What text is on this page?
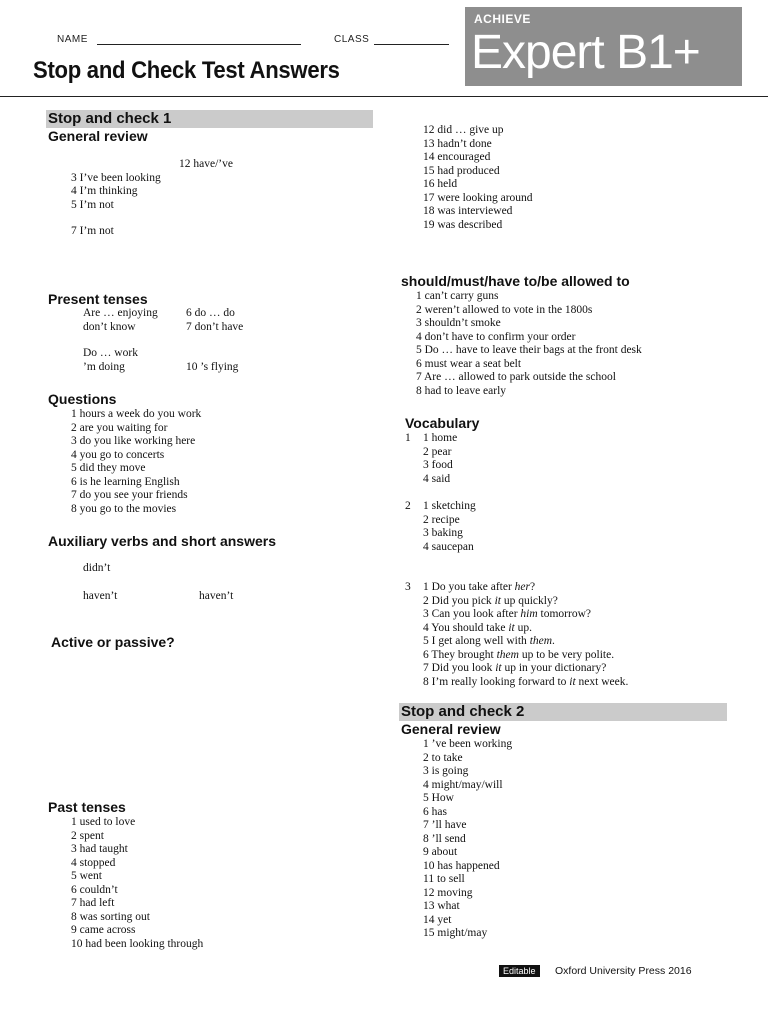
NAME	CLASS
Stop and Check Test Answers
ACHIEVE
Expert B1+
Stop and check 1
General review
12 have/’ve
3 I’ve been looking
4 I’m thinking
5 I’m not
7 I’m not
Present tenses
Are … enjoying 6 do … do
don’t know	7 don’t have
Do … work
’m doing	10 ’s flying
Questions
1 hours a week do you work
2 are you waiting for
3 do you like working here
4 you go to concerts
5 did they move
6 is he learning English
7 do you see your friends
8 you go to the movies
Auxiliary verbs and short answers
didn’t
haven’t	haven’t
Active or passive?
Past tenses
1 used to love
2 spent
3 had taught
4 stopped
5 went
6 couldn’t
7 had left
8 was sorting out
9 came across
10 had been looking through
12 did … give up
13 hadn’t done
14 encouraged
15 had produced
16 held
17 were looking around
18 was interviewed
19 was described
should/must/have to/be allowed to
1 can’t carry guns
2 weren’t allowed to vote in the 1800s
3 shouldn’t smoke
4 don’t have to confirm your order
5 Do … have to leave their bags at the front desk
6 must wear a seat belt
7 Are … allowed to park outside the school
8 had to leave early
Vocabulary
1 1 home
2 pear
3 food
4 said
2 1 sketching
2 recipe
3 baking
4 saucepan
3 1 Do you take after her?
2 Did you pick it up quickly?
3 Can you look after him tomorrow?
4 You should take it up.
5 I get along well with them.
6 They brought them up to be very polite.
7 Did you look it up in your dictionary?
8 I’m really looking forward to it next week.
Stop and check 2
General review
1 ’ve been working
2 to take
3 is going
4 might/may/will
5 How
6 has
7 ’ll have
8 ’ll send
9 about
10 has happened
11 to sell
12 moving
13 what
14 yet
15 might/may
Editable	Oxford University Press 2016
